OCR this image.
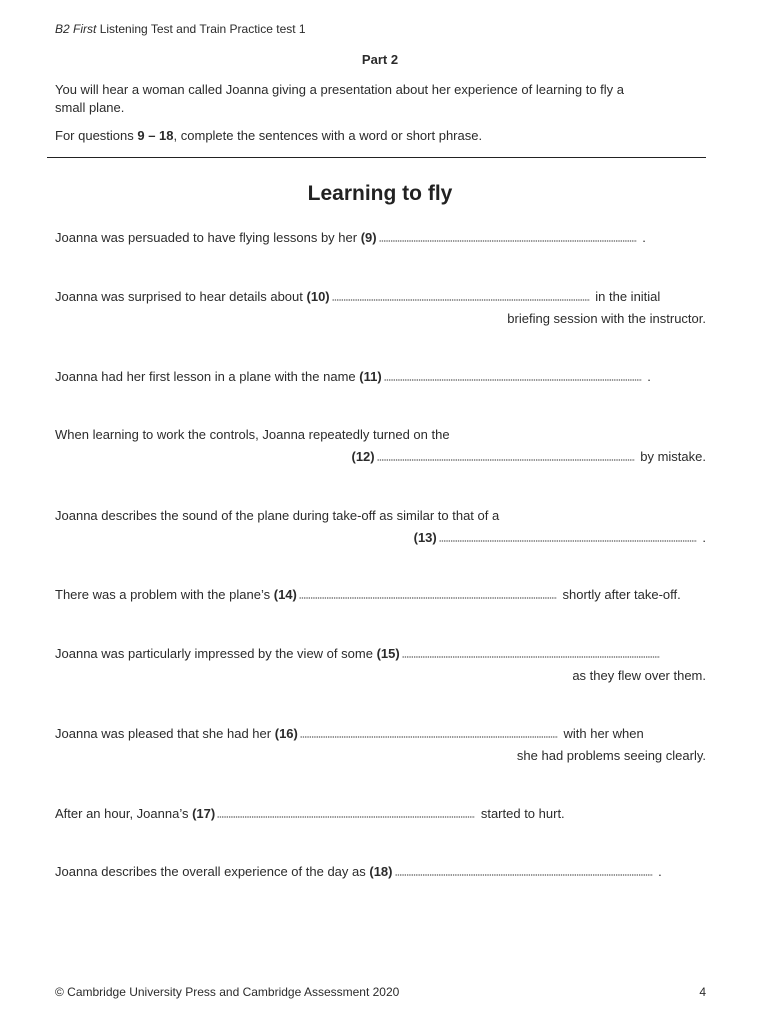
B2 First Listening Test and Train Practice test 1
Part 2
You will hear a woman called Joanna giving a presentation about her experience of learning to fly a small plane.
For questions 9 – 18, complete the sentences with a word or short phrase.
Learning to fly
Joanna was persuaded to have flying lessons by her (9)	.
Joanna was surprised to hear details about (10)	in the initial
briefing session with the instructor.
Joanna had her first lesson in a plane with the name (11)	.
When learning to work the controls, Joanna repeatedly turned on the
(12)	by mistake.
Joanna describes the sound of the plane during take-off as similar to that of a
(13)	.
There was a problem with the plane’s (14)	shortly after take-off.
Joanna was particularly impressed by the view of some (15)
as they flew over them.
Joanna was pleased that she had her (16)	with her when
she had problems seeing clearly.
After an hour, Joanna’s (17)	started to hurt.
Joanna describes the overall experience of the day as (18)	.
© Cambridge University Press and Cambridge Assessment 2020	4
